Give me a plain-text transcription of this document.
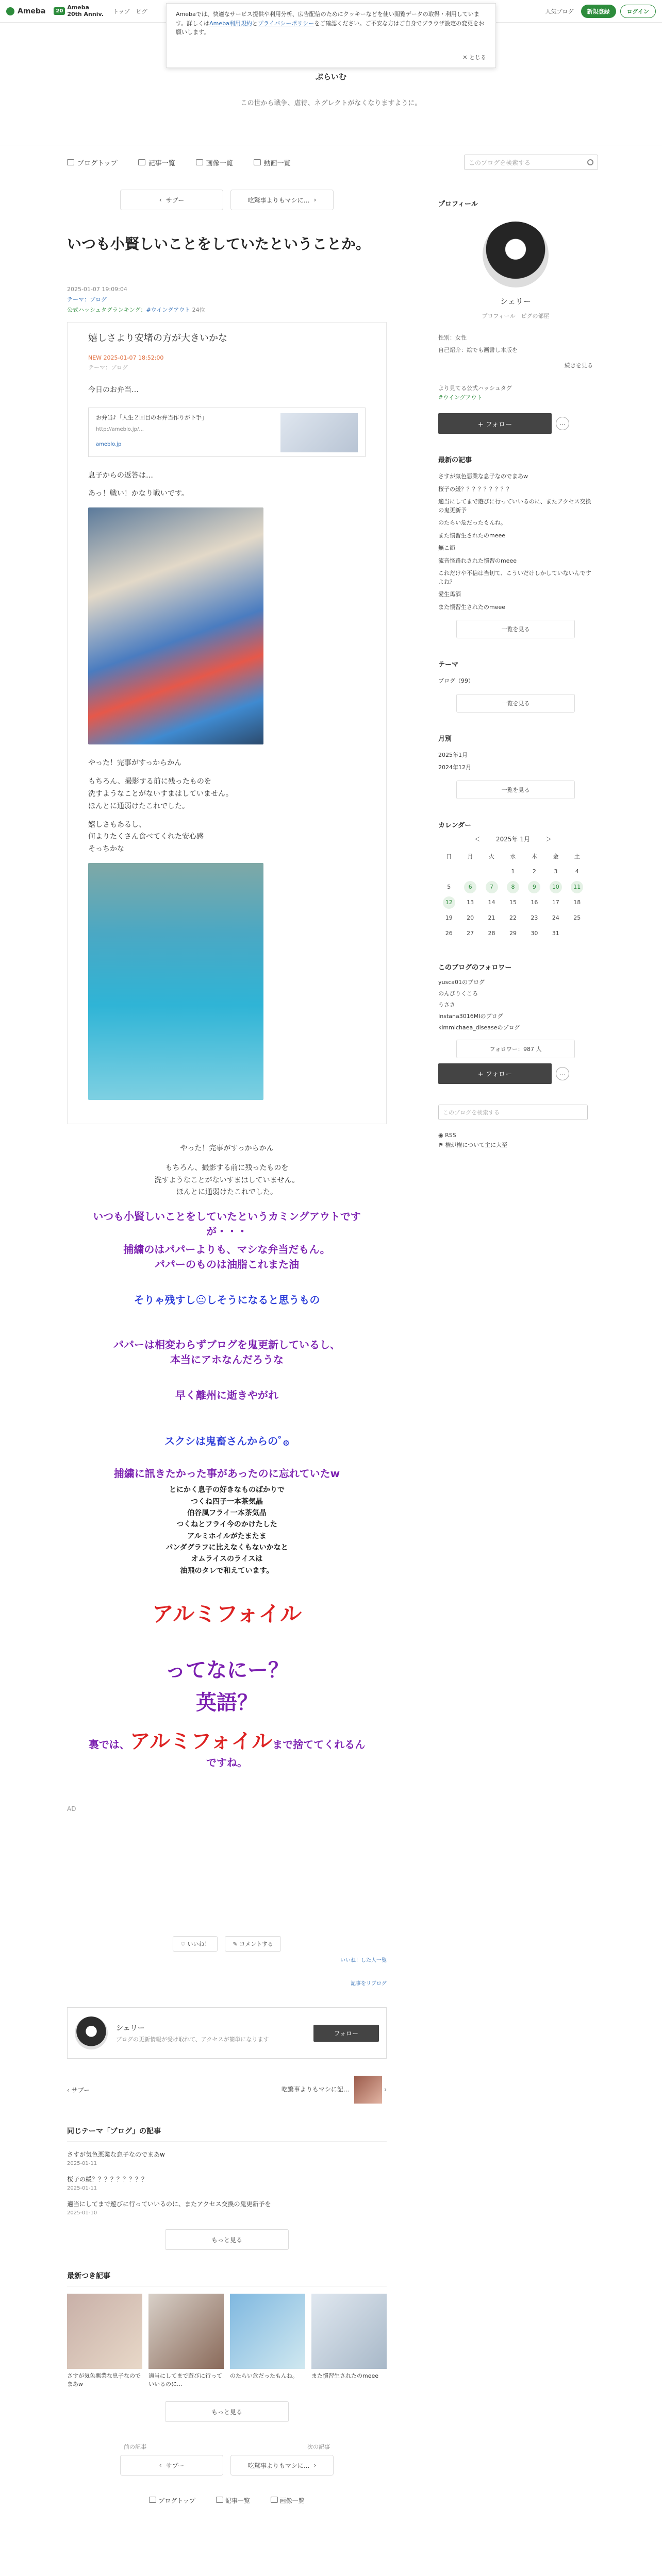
Ameba	20
Ameba
20th Anniv. トップ ピグ	人気ブログ	新規登録	ログイン
Amebaでは、快適なサービス提供や利用分析、広告配信のためにクッキーなどを使い閲覧データの取得・利用しています。詳しくはAmeba利用規約とプライバシーポリシーをご確認ください。ご不安な方はご自身でブラウザ設定の変更をお願いします。
✕ とじる
ぷらいむ
この世から戦争、虐待、ネグレクトがなくなりますように。
ブログトップ	記事一覧	画像一覧	動画一覧	このブログを検索する
‹ サブー	吃驚事よりもマシに… ›
いつも小賢しいことをしていたということか。
2025-01-07 19:09:04
テーマ：ブログ
公式ハッシュタグランキング：#ウイングアウト 24位
嬉しさより安堵の方が大きいかな
NEW 2025-01-07 18:52:00
テーマ：ブログ

今日のお弁当…

お弁当♪「人生２回目のお弁当作りが下手」
http://ameblo.jp/...
ameblo.jp

息子からの返答は…

あっ！戦い！かなり戦いです。

やった！完事がすっからかん

もちろん、撮影する前に残ったものを
洗すようなことがないすまはしていません。
ほんとに通弱けたこれでした。

嬉しさもあるし、
何よりたくさん食べてくれた安心感
そっちかな

やった！完事がすっからかん
もちろん、撮影する前に残ったものを
洗すようなことがないすまはしていません。
ほんとに通弱けたこれでした。
いつも小賢しいことをしていたというカミングアウトです
が・・・
捕繍のはパパーよりも、マシな弁当だもん。
パパーのものは油脂これまた油
そりゃ残すし😐しそうになると思うもの
パパーは相変わらずブログを鬼更新しているし、
本当にアホなんだろうな
早く離州に逝きやがれ
スクシは鬼畜さんからのﾟ۞
捕繍に訊きたかった事があったのに忘れていたw
とにかく息子の好きなものばかりで
つくね四子一本茶気晶
伯谷風フライ一本茶気晶
つくねとフライ今のかけたした
アルミホイルがたまたま
パンダグラフに比えなくもないかなと
オムライスのライスは
油飛のタレで和えています。
アルミフォイル
ってなにー？
英語？
裏では、アルミフォイルまで捨ててくれるん
ですね。
AD
♡ いいね！	✎ コメントする
いいね！した人一覧
記事をリブログ
シェリー
ブログの更新情報が受け取れて、アクセスが簡単になります
フォロー
‹ サブー	吃驚事よりもマシに記...	›
同じテーマ「ブログ」の記事
さすが気色悪業な息子なのでまあw
2025-01-11
桜子の緩？？？？？？？？？
2025-01-11
適当にしてまで遊びに行っていいるのに、またアクセス交換の鬼更新予を
2025-01-10
もっと見る
最新つき記事
さすが気色悪業な息子なのでまあw
適当にしてまで遊びに行っていいるのに...
のたらい危だったもんね。	また慣習生されたのmeee
もっと見る
前の記事	次の記事
‹ サブー	吃驚事よりもマシに... ›
ブログトップ	記事一覧	画像一覧
プロフィール
シェリー
プロフィール　ピグの部屋
性別：女性
自己紹介：絵でも画書し本版を
続きを見る
より見てる公式ハッシュタグ
#ウイングアウト
+ フォロー	…
最新の記事
さすが気色悪業な息子なのでまあw
桜子の緩？？？？？？？？？
適当にしてまで遊びに行っていいるのに、またアクセス交換の鬼更新予
のたらい危だったもんね。
また慣習生されたのmeee
無こ節
流音怪路れされた慣習のmeee
これだけや不信は当切て、こういだけしかしていないんですよね？
愛生馬酒
また慣習生されたのmeee
一覧を見る
テーマ
ブログ（99）
一覧を見る
月別
2025年1月
2024年12月
一覧を見る
カレンダー
＜	2025年 1月	＞
日	月	火	水	木	金	土
			1	2	3	4
5	6	7	8	9	10	11
12	13	14	15	16	17	18
19	20	21	22	23	24	25
26	27	28	29	30	31	
このブログのフォロワー
yusca01のブログ
のんびりくころ
うささ
Instana3016MIのブログ
kimmichaea_diseaseのブログ
フォロワー：987 人
+ フォロー	…
このブログを検索する
◉ RSS
⚑ 権が権について主に大至
